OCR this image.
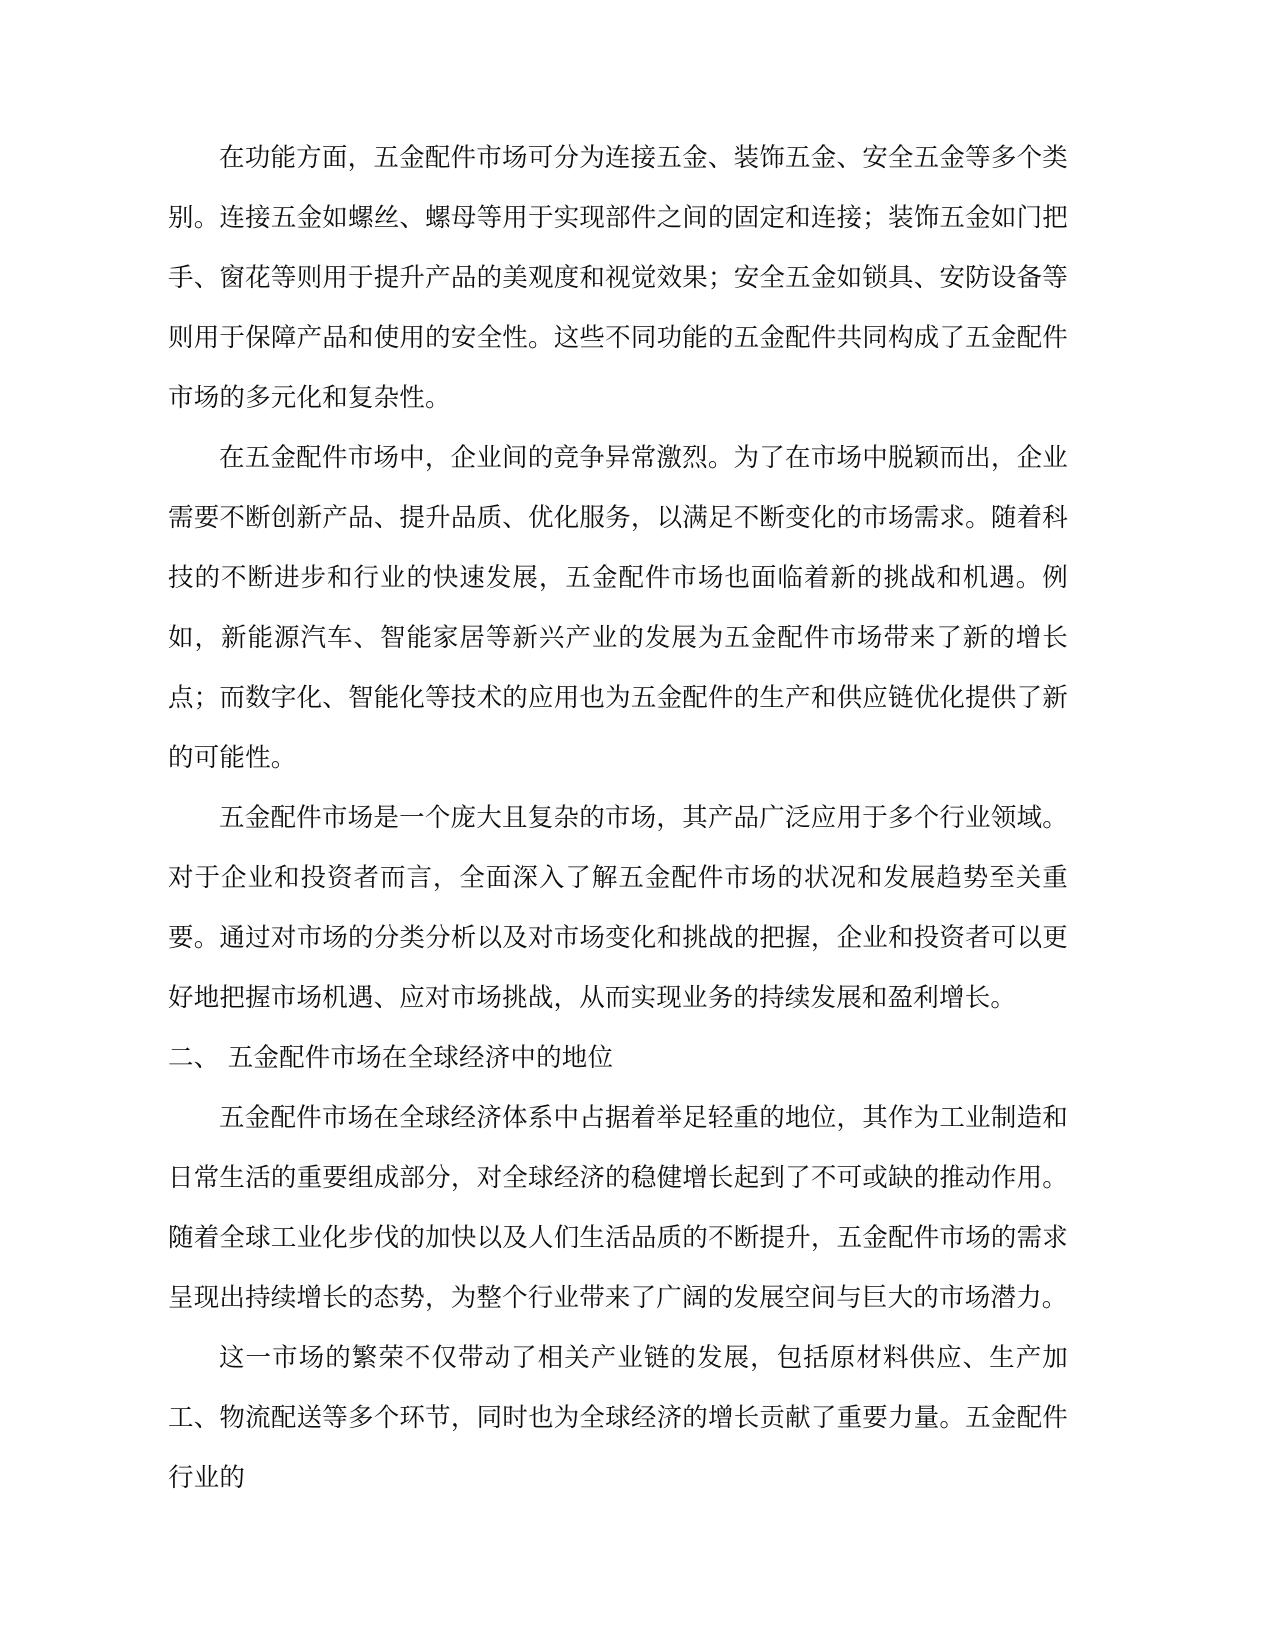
在功能方面，五金配件市场可分为连接五金、装饰五金、安全五金等多个类别。连接五金如螺丝、螺母等用于实现部件之间的固定和连接；装饰五金如门把手、窗花等则用于提升产品的美观度和视觉效果；安全五金如锁具、安防设备等则用于保障产品和使用的安全性。这些不同功能的五金配件共同构成了五金配件市场的多元化和复杂性。

在五金配件市场中，企业间的竞争异常激烈。为了在市场中脱颖而出，企业需要不断创新产品、提升品质、优化服务，以满足不断变化的市场需求。随着科技的不断进步和行业的快速发展，五金配件市场也面临着新的挑战和机遇。例如，新能源汽车、智能家居等新兴产业的发展为五金配件市场带来了新的增长点；而数字化、智能化等技术的应用也为五金配件的生产和供应链优化提供了新的可能性。

五金配件市场是一个庞大且复杂的市场，其产品广泛应用于多个行业领域。对于企业和投资者而言，全面深入了解五金配件市场的状况和发展趋势至关重要。通过对市场的分类分析以及对市场变化和挑战的把握，企业和投资者可以更好地把握市场机遇、应对市场挑战，从而实现业务的持续发展和盈利增长。

二、 五金配件市场在全球经济中的地位

五金配件市场在全球经济体系中占据着举足轻重的地位，其作为工业制造和日常生活的重要组成部分，对全球经济的稳健增长起到了不可或缺的推动作用。随着全球工业化步伐的加快以及人们生活品质的不断提升，五金配件市场的需求呈现出持续增长的态势，为整个行业带来了广阔的发展空间与巨大的市场潜力。

这一市场的繁荣不仅带动了相关产业链的发展，包括原材料供应、生产加工、物流配送等多个环节，同时也为全球经济的增长贡献了重要力量。五金配件行业的
